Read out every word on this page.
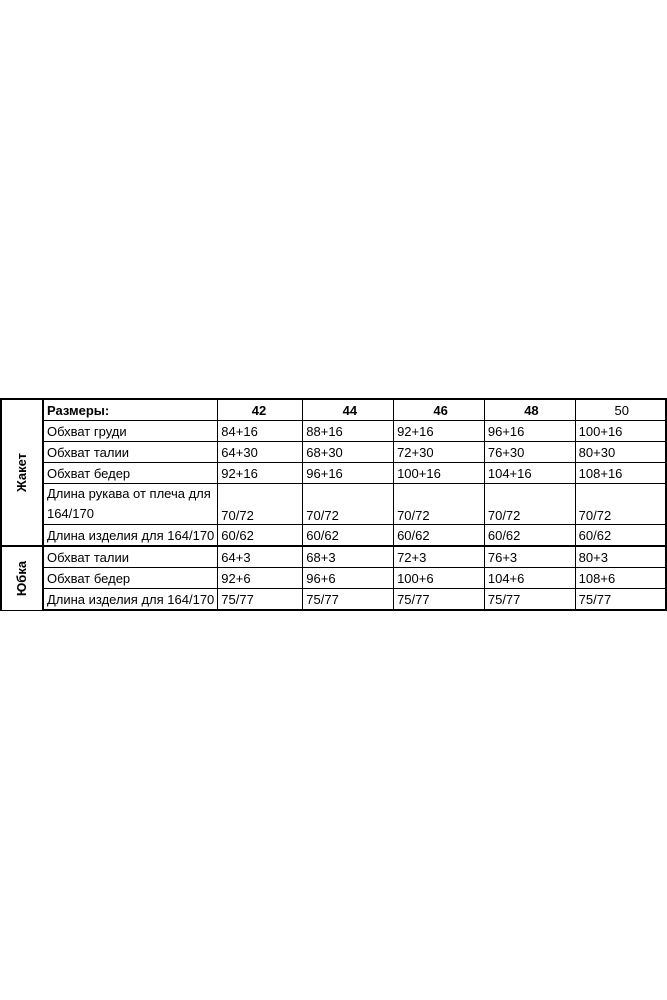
Жакет	Размеры:	42	44	46	48	50
	Обхват груди	84+16	88+16	92+16	96+16	100+16
	Обхват талии	64+30	68+30	72+30	76+30	80+30
	Обхват бедер	92+16	96+16	100+16	104+16	108+16
	Длина рукава от плеча для 164/170	70/72	70/72	70/72	70/72	70/72
	Длина изделия для 164/170	60/62	60/62	60/62	60/62	60/62
Юбка	Обхват талии	64+3	68+3	72+3	76+3	80+3
	Обхват бедер	92+6	96+6	100+6	104+6	108+6
	Длина изделия для 164/170	75/77	75/77	75/77	75/77	75/77
